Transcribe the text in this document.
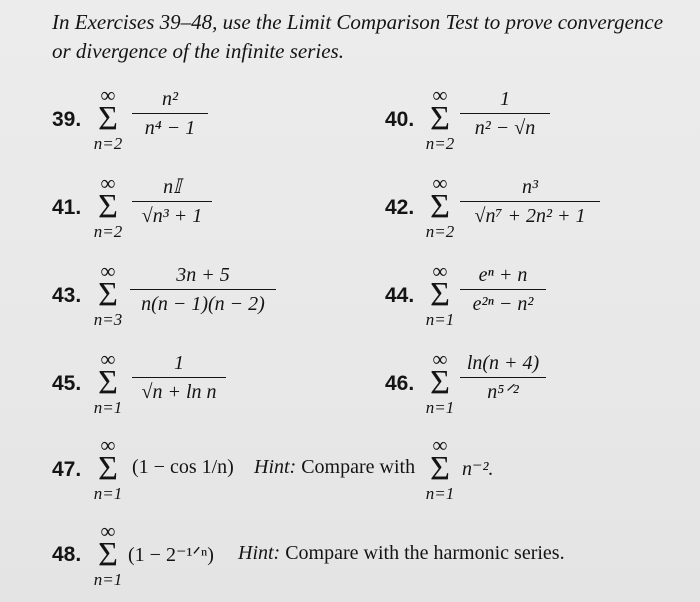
In Exercises 39–48, use the Limit Comparison Test to prove convergence or divergence of the infinite series.
39.
∞
Σ
n=2
n²
n⁴ − 1	40.
∞
Σ
n=2
1
n² − √n
41.
∞
Σ
n=2
n𝕀
√n³ + 1	42.
∞
Σ
n=2
n³
√n⁷ + 2n² + 1
43.
∞
Σ
n=3
3n + 5
n(n − 1)(n − 2)	44.
∞
Σ
n=1
eⁿ + n
e²ⁿ − n²
45.
∞
Σ
n=1
1
√n + ln n	46.
∞
Σ
n=1
ln(n + 4)
n⁵ᐟ²
47.
∞
Σ
n=1
(1 − cos 1/n) Hint: Compare with
∞
Σ
n=1
n⁻².
48.
∞
Σ
n=1
(1 − 2⁻¹ᐟⁿ) Hint: Compare with the harmonic series.
